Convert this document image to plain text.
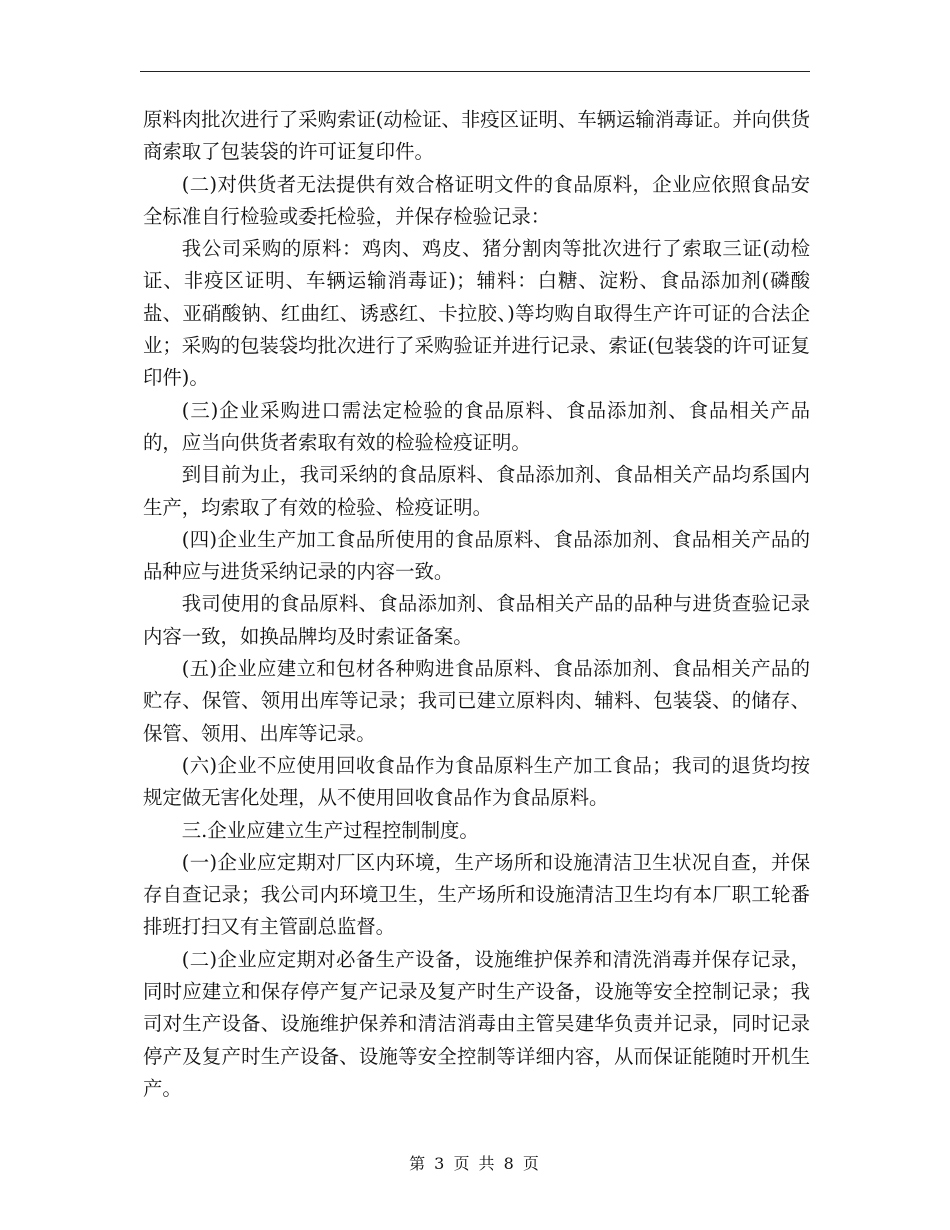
原料肉批次进行了采购索证(动检证、非疫区证明、车辆运输消毒证。并向供货商索取了包装袋的许可证复印件。

(二)对供货者无法提供有效合格证明文件的食品原料，企业应依照食品安全标准自行检验或委托检验，并保存检验记录：

我公司采购的原料：鸡肉、鸡皮、猪分割肉等批次进行了索取三证(动检证、非疫区证明、车辆运输消毒证)；辅料：白糖、淀粉、食品添加剂(磷酸盐、亚硝酸钠、红曲红、诱惑红、卡拉胶、)等均购自取得生产许可证的合法企业；采购的包装袋均批次进行了采购验证并进行记录、索证(包装袋的许可证复印件)。

(三)企业采购进口需法定检验的食品原料、食品添加剂、食品相关产品的，应当向供货者索取有效的检验检疫证明。

到目前为止，我司采纳的食品原料、食品添加剂、食品相关产品均系国内生产，均索取了有效的检验、检疫证明。

(四)企业生产加工食品所使用的食品原料、食品添加剂、食品相关产品的品种应与进货采纳记录的内容一致。

我司使用的食品原料、食品添加剂、食品相关产品的品种与进货查验记录内容一致，如换品牌均及时索证备案。

(五)企业应建立和包材各种购进食品原料、食品添加剂、食品相关产品的贮存、保管、领用出库等记录；我司已建立原料肉、辅料、包装袋、的储存、保管、领用、出库等记录。

(六)企业不应使用回收食品作为食品原料生产加工食品；我司的退货均按规定做无害化处理，从不使用回收食品作为食品原料。

三.企业应建立生产过程控制制度。

(一)企业应定期对厂区内环境，生产场所和设施清洁卫生状况自查，并保存自查记录；我公司内环境卫生，生产场所和设施清洁卫生均有本厂职工轮番排班打扫又有主管副总监督。

(二)企业应定期对必备生产设备，设施维护保养和清洗消毒并保存记录，同时应建立和保存停产复产记录及复产时生产设备，设施等安全控制记录；我司对生产设备、设施维护保养和清洁消毒由主管吴建华负责并记录，同时记录停产及复产时生产设备、设施等安全控制等详细内容，从而保证能随时开机生产。

第 3 页 共 8 页
